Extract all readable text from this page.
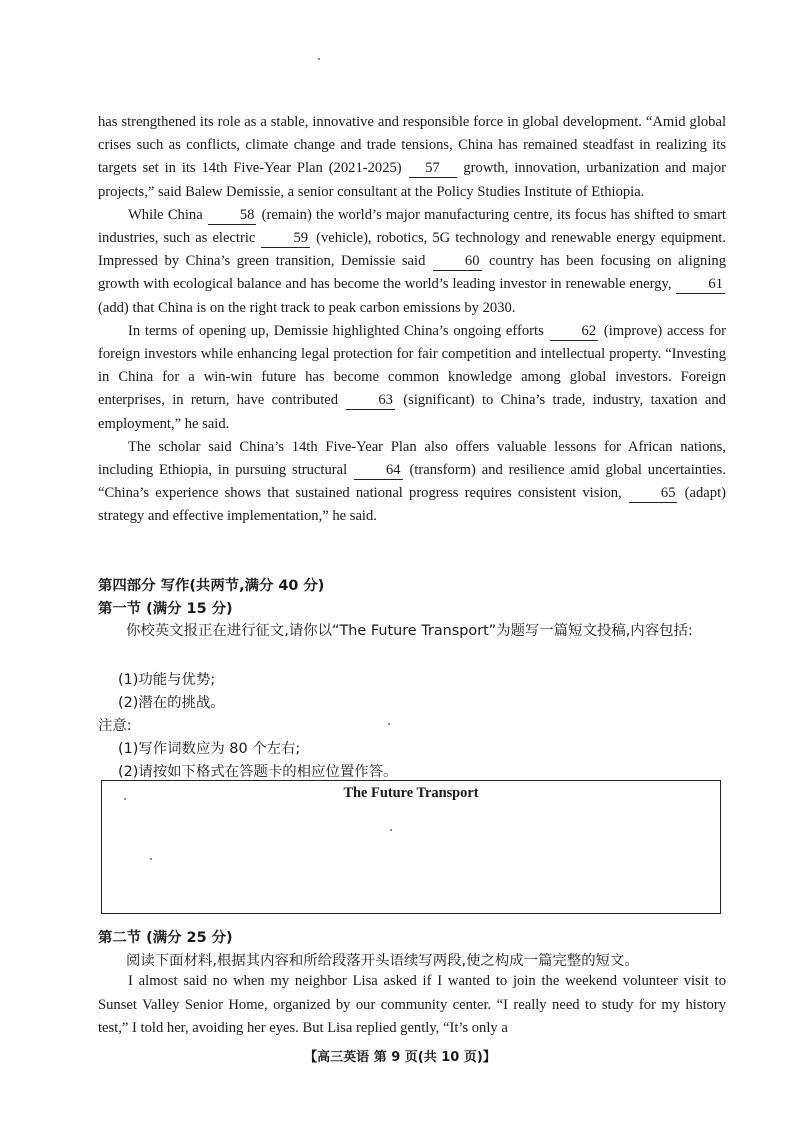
has strengthened its role as a stable, innovative and responsible force in global development. “Amid global crises such as conflicts, climate change and trade tensions, China has remained steadfast in realizing its targets set in its 14th Five-Year Plan (2021-2025) 57 growth, innovation, urbanization and major projects,” said Balew Demissie, a senior consultant at the Policy Studies Institute of Ethiopia.

While China 58 (remain) the world’s major manufacturing centre, its focus has shifted to smart industries, such as electric 59 (vehicle), robotics, 5G technology and renewable energy equipment. Impressed by China’s green transition, Demissie said 60 country has been focusing on aligning growth with ecological balance and has become the world’s leading investor in renewable energy, 61 (add) that China is on the right track to peak carbon emissions by 2030.

In terms of opening up, Demissie highlighted China’s ongoing efforts 62 (improve) access for foreign investors while enhancing legal protection for fair competition and intellectual property. “Investing in China for a win-win future has become common knowledge among global investors. Foreign enterprises, in return, have contributed 63 (significant) to China’s trade, industry, taxation and employment,” he said.

The scholar said China’s 14th Five-Year Plan also offers valuable lessons for African nations, including Ethiopia, in pursuing structural 64 (transform) and resilience amid global uncertainties. “China’s experience shows that sustained national progress requires consistent vision, 65 (adapt) strategy and effective implementation,” he said.

第四部分 写作(共两节,满分 40 分)
第一节 (满分 15 分)
你校英文报正在进行征文,请你以“The Future Transport”为题写一篇短文投稿,内容包括:
(1)功能与优势;
(2)潜在的挑战。
注意:
(1)写作词数应为 80 个左右;
(2)请按如下格式在答题卡的相应位置作答。
The Future Transport
第二节 (满分 25 分)
阅读下面材料,根据其内容和所给段落开头语续写两段,使之构成一篇完整的短文。
I almost said no when my neighbor Lisa asked if I wanted to join the weekend volunteer visit to Sunset Valley Senior Home, organized by our community center. “I really need to study for my history test,” I told her, avoiding her eyes. But Lisa replied gently, “It’s only a
【高三英语 第 9 页(共 10 页)】
